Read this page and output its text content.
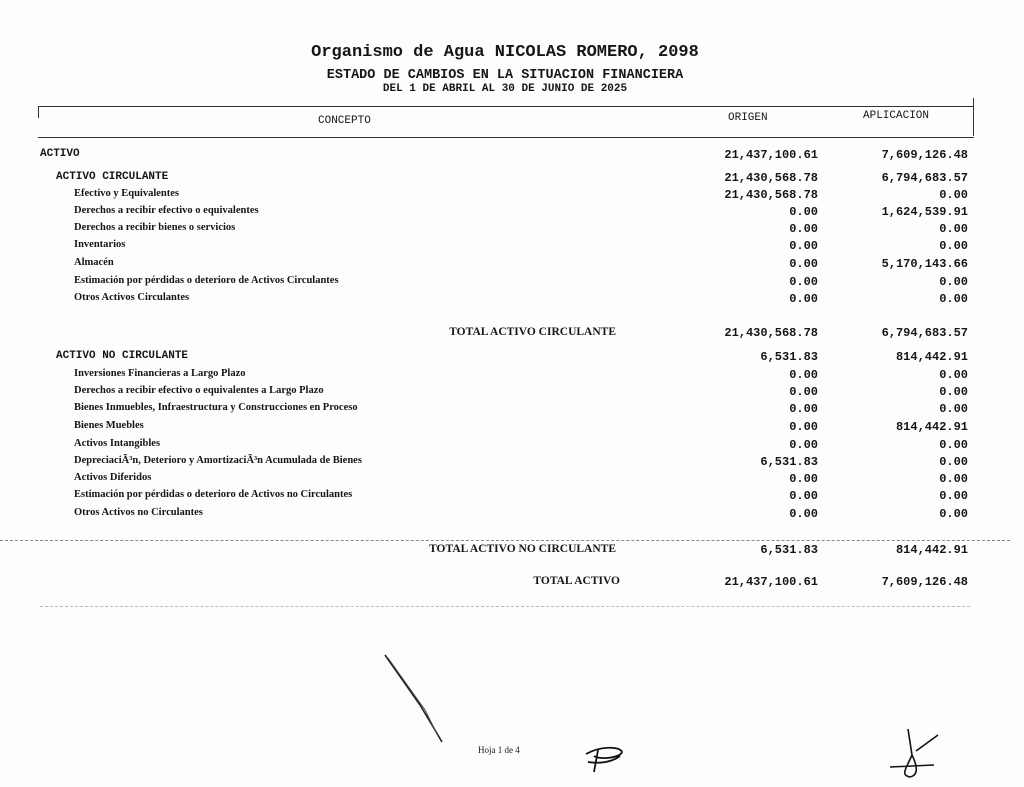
Organismo de Agua NICOLAS ROMERO, 2098
ESTADO DE CAMBIOS EN LA SITUACION FINANCIERA
DEL 1 DE ABRIL AL 30 DE JUNIO DE 2025
CONCEPTO	ORIGEN	APLICACION
ACTIVO	21,437,100.61	7,609,126.48
ACTIVO CIRCULANTE	21,430,568.78	6,794,683.57
Efectivo y Equivalentes	21,430,568.78	0.00
Derechos a recibir efectivo o equivalentes	0.00	1,624,539.91
Derechos a recibir bienes o servicios	0.00	0.00
Inventarios	0.00	0.00
Almacén	0.00	5,170,143.66
Estimación por pérdidas o deterioro de Activos Circulantes	0.00	0.00
Otros Activos Circulantes	0.00	0.00
TOTAL ACTIVO CIRCULANTE	21,430,568.78	6,794,683.57
ACTIVO NO CIRCULANTE	6,531.83	814,442.91
Inversiones Financieras a Largo Plazo	0.00	0.00
Derechos a recibir efectivo o equivalentes a Largo Plazo	0.00	0.00
Bienes Inmuebles, Infraestructura y Construcciones en Proceso	0.00	0.00
Bienes Muebles	0.00	814,442.91
Activos Intangibles	0.00	0.00
DepreciaciÃ³n, Deterioro y AmortizaciÃ³n Acumulada de Bienes	6,531.83	0.00
Activos Diferidos	0.00	0.00
Estimación por pérdidas o deterioro de Activos no Circulantes	0.00	0.00
Otros Activos no Circulantes	0.00	0.00
TOTAL ACTIVO NO CIRCULANTE	6,531.83	814,442.91
TOTAL ACTIVO	21,437,100.61	7,609,126.48
Hoja 1 de 4
